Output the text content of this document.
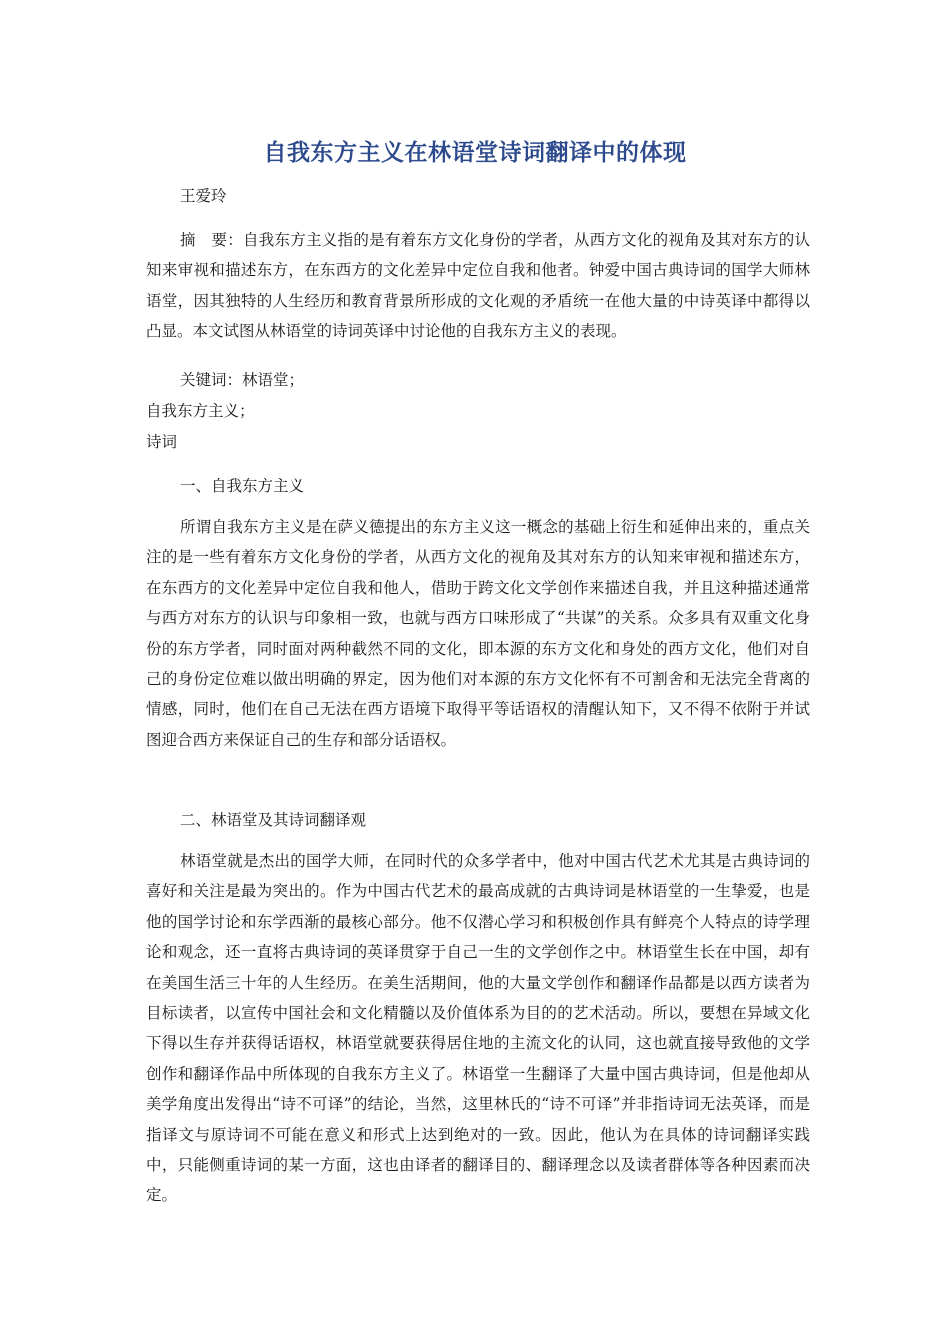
自我东方主义在林语堂诗词翻译中的体现
王爱玲
摘　要：自我东方主义指的是有着东方文化身份的学者，从西方文化的视角及其对东方的认知来审视和描述东方，在东西方的文化差异中定位自我和他者。钟爱中国古典诗词的国学大师林语堂，因其独特的人生经历和教育背景所形成的文化观的矛盾统一在他大量的中诗英译中都得以凸显。本文试图从林语堂的诗词英译中讨论他的自我东方主义的表现。
关键词：林语堂；
自我东方主义；
诗词
一、自我东方主义
所谓自我东方主义是在萨义德提出的东方主义这一概念的基础上衍生和延伸出来的，重点关注的是一些有着东方文化身份的学者，从西方文化的视角及其对东方的认知来审视和描述东方，在东西方的文化差异中定位自我和他人，借助于跨文化文学创作来描述自我，并且这种描述通常与西方对东方的认识与印象相一致，也就与西方口味形成了“共谋”的关系。众多具有双重文化身份的东方学者，同时面对两种截然不同的文化，即本源的东方文化和身处的西方文化，他们对自己的身份定位难以做出明确的界定，因为他们对本源的东方文化怀有不可割舍和无法完全背离的情感，同时，他们在自己无法在西方语境下取得平等话语权的清醒认知下，又不得不依附于并试图迎合西方来保证自己的生存和部分话语权。
二、林语堂及其诗词翻译观
林语堂就是杰出的国学大师，在同时代的众多学者中，他对中国古代艺术尤其是古典诗词的喜好和关注是最为突出的。作为中国古代艺术的最高成就的古典诗词是林语堂的一生挚爱，也是他的国学讨论和东学西渐的最核心部分。他不仅潜心学习和积极创作具有鲜亮个人特点的诗学理论和观念，还一直将古典诗词的英译贯穿于自己一生的文学创作之中。林语堂生长在中国，却有在美国生活三十年的人生经历。在美生活期间，他的大量文学创作和翻译作品都是以西方读者为目标读者，以宣传中国社会和文化精髓以及价值体系为目的的艺术活动。所以，要想在异域文化下得以生存并获得话语权，林语堂就要获得居住地的主流文化的认同，这也就直接导致他的文学创作和翻译作品中所体现的自我东方主义了。林语堂一生翻译了大量中国古典诗词，但是他却从美学角度出发得出“诗不可译”的结论，当然，这里林氏的“诗不可译”并非指诗词无法英译，而是指译文与原诗词不可能在意义和形式上达到绝对的一致。因此，他认为在具体的诗词翻译实践中，只能侧重诗词的某一方面，这也由译者的翻译目的、翻译理念以及读者群体等各种因素而决定。
